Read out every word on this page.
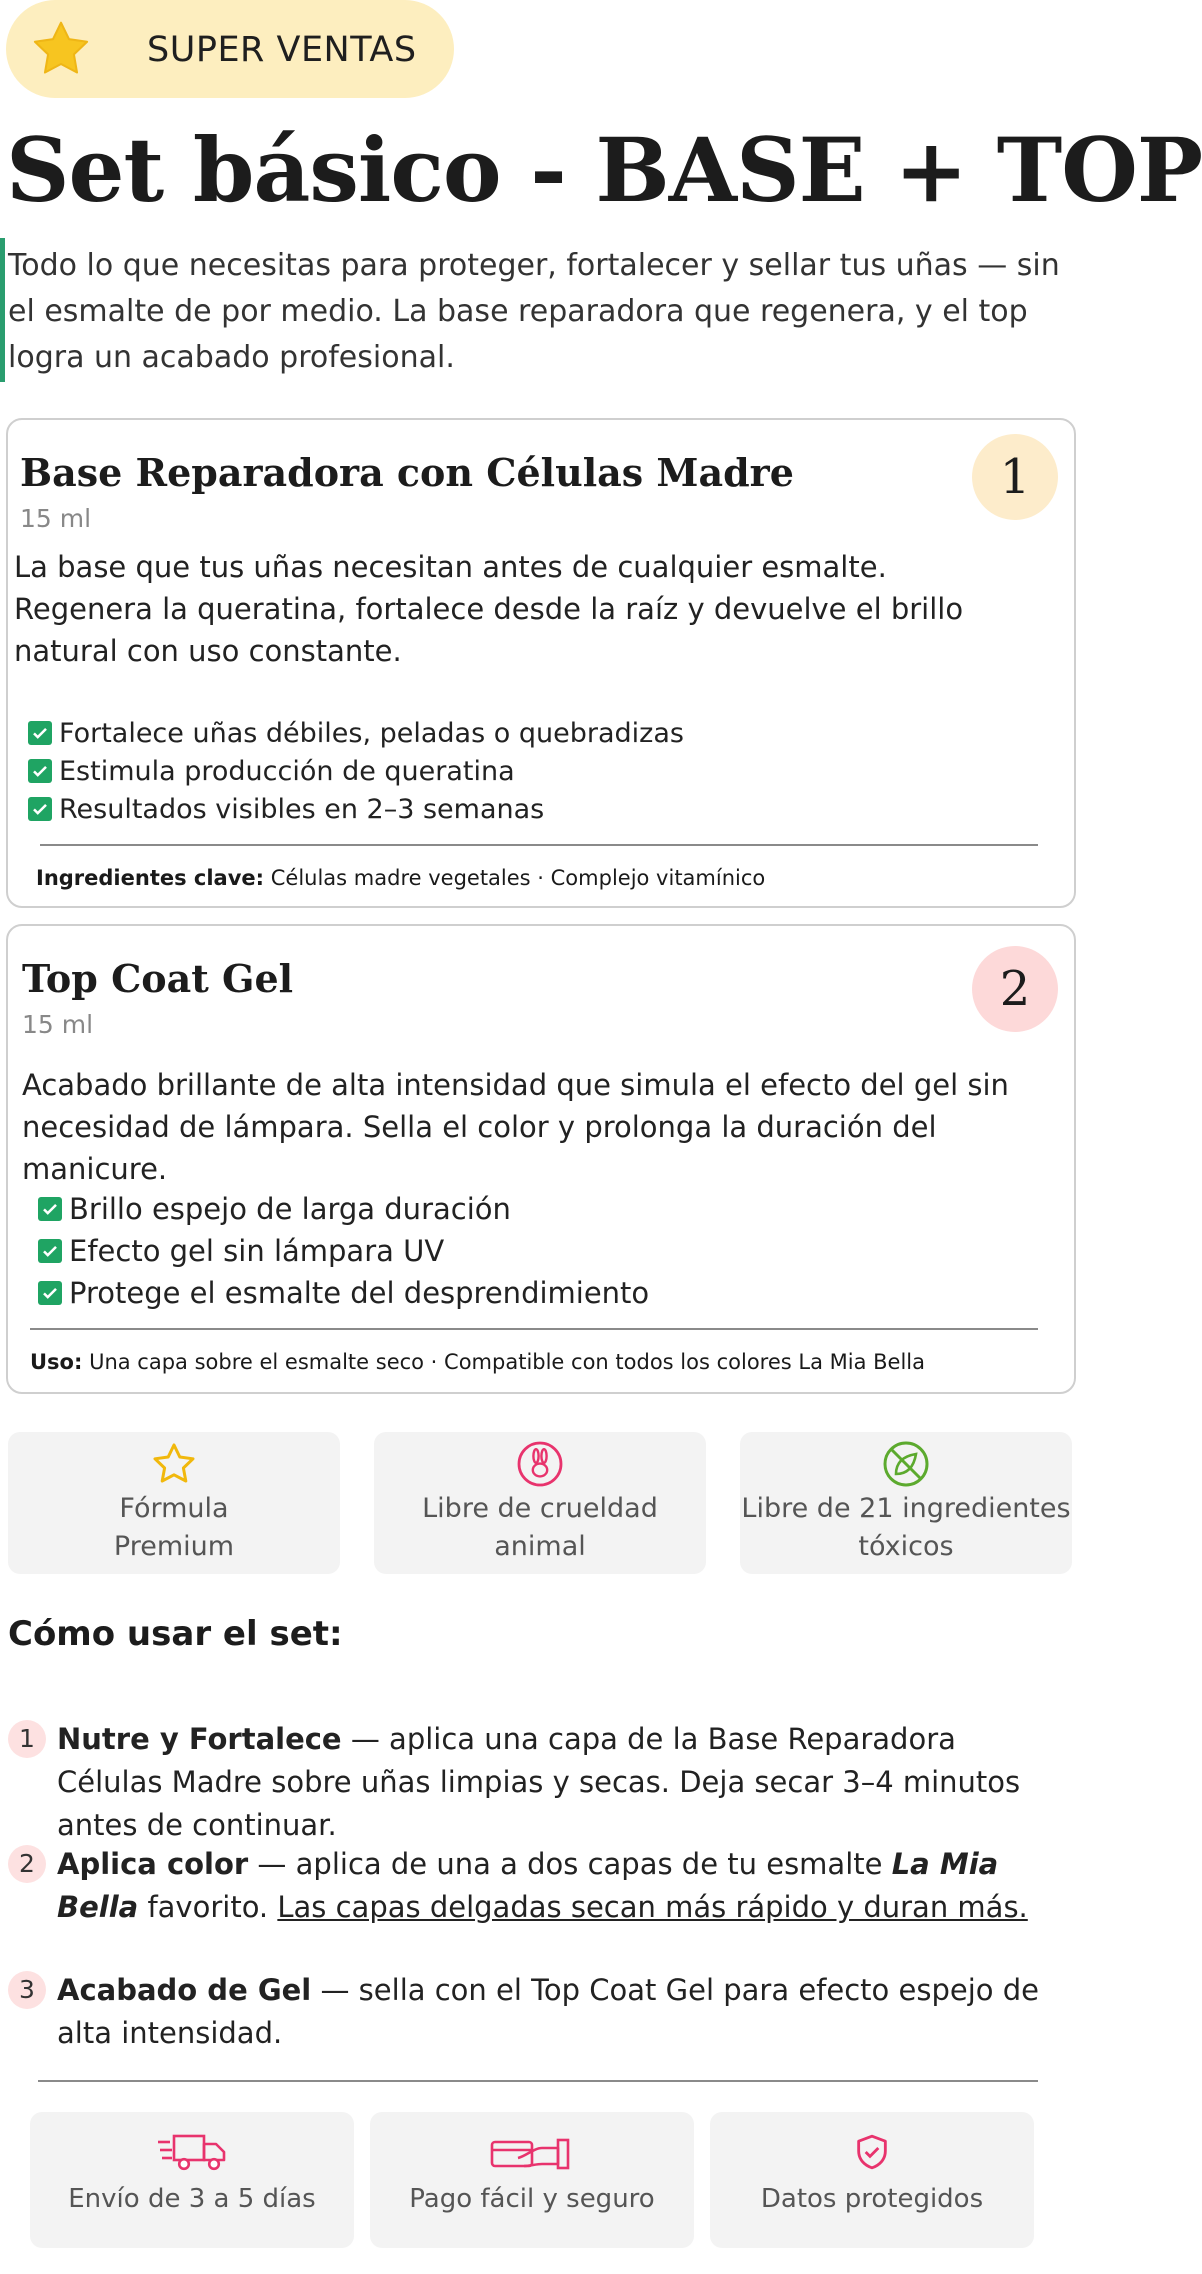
SUPER VENTAS
Set básico - BASE + TOP
Todo lo que necesitas para proteger, fortalecer y sellar tus uñas — sin el esmalte de por medio. La base reparadora que regenera, y el top logra un acabado profesional.
Base Reparadora con Células Madre
15 ml
1
La base que tus uñas necesitan antes de cualquier esmalte.
Regenera la queratina, fortalece desde la raíz y devuelve el brillo natural con uso constante.
Fortalece uñas débiles, peladas o quebradizas
Estimula producción de queratina
Resultados visibles en 2–3 semanas
Ingredientes clave: Células madre vegetales · Complejo vitamínico
Top Coat Gel
15 ml
2
Acabado brillante de alta intensidad que simula el efecto del gel sin necesidad de lámpara. Sella el color y prolonga la duración del manicure.
Brillo espejo de larga duración
Efecto gel sin lámpara UV
Protege el esmalte del desprendimiento
Uso: Una capa sobre el esmalte seco · Compatible con todos los colores La Mia Bella
Fórmula
Premium
Libre de crueldad
animal
Libre de 21 ingredientes
tóxicos
Cómo usar el set:
1 Nutre y Fortalece — aplica una capa de la Base Reparadora Células Madre sobre uñas limpias y secas. Deja secar 3–4 minutos antes de continuar.
2 Aplica color — aplica de una a dos capas de tu esmalte La Mia Bella favorito. Las capas delgadas secan más rápido y duran más.
3 Acabado de Gel — sella con el Top Coat Gel para efecto espejo de alta intensidad.
Envío de 3 a 5 días	Pago fácil y seguro	Datos protegidos
